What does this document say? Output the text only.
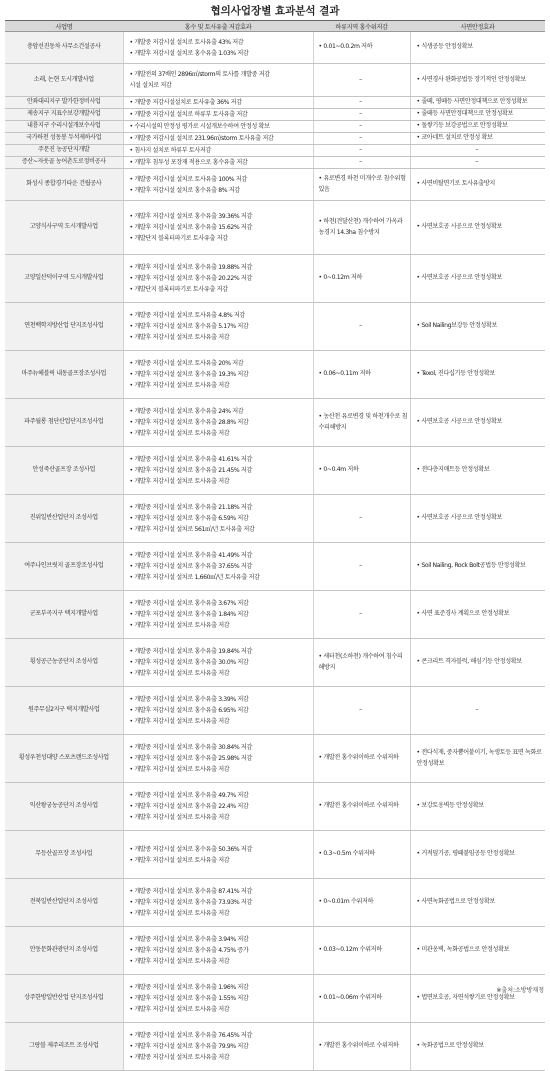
협의사업장별 효과분석 결과
사업명	홍수 및 토사유출 저감효과	하류지역 홍수위저감	사면안정효과
충암선진동차 사무소건설공사	• 개발중 저감시설 설치로 토사유출 43% 저감
• 개발후 저감시설 설치로 홍수유출 1.03% 저감	• 0.01~0.0.2m 저하	• 식생공등 안정성확보
소래, 논현 도시개발사업	• 개발전의 37배인 2896㎥/storm의 토사를 개발중 저감
시설 설치로 저감	–	• 사면경사 완화공법등 장기적인 안정성확보
안좌대리지구 발가한정비사업	• 개발중 저감시설설치로 토사유출 36% 저감	–	• 줄떼, 평떼등 사면안정대책으로 안정성확보
제송지구 지표수보강개발사업	• 개발중 저감시설 설치로 하류부 토사유출 저감	–	• 줄떼등 사면안정대책으로 안정성확보
내룡지구 수리시설개보수사업	• 수리시설의 안정성 평가로 시설개보수하여 안정성 확보	–	• 돌쌓기등 보강공법으로 안정성확보
국가하천 성동봉 두석제하사업	• 개발중 저감시설 설치로 231.96㎥/storm 토사유출 저감	–	• 코아네트 설치로 안정성 확보
주문진 농공단지개발	• 침사지 설치로 하류부 토사저감	–	–
증산~자웃골 농어촌도로정비공사	• 개발후 침투성 포장재 적용으로 홍수유출 저감	–	–
화성시 종합경기타운 건립공사	• 개발중 저감시설 설치로 토사유출 100% 저감
• 개발후 저감시설 설치로 홍수유출 8% 저감	• 유로변경 하천 미개수로 침수위험 있음	• 사면비탈면기로 토사유출방지
고양식사구역 도시개발사업	• 개발후 저감시설 설치로 홍수유출 39.36% 저감
• 개발후 저감시설 설치로 홍수유출 15.62% 저감
• 개발단지 블록터파기로 토사유출 저감	• 하천(견달산천) 개수하여 가옥과 농경지 14.3ha 침수방지	• 사면보호공 시공으로 안정성확보
고양일산덕이구역 도시개발사업	• 개발후 저감시설 설치로 홍수유출 19.88% 저감
• 개발후 저감시설 설치로 홍수유출 20.22% 저감
• 개발단지 블록터파기로 토사유출 저감	• 0~0.12m 저하	• 사면보호공 시공으로 안정성확보
연천백학지방산업 단지조성사업	• 개발중 저감시설 설치로 토사유출 4.8% 저감
• 개발후 저감시설 설치로 홍수유출 5.17% 저감
• 개발후 저감시설 설치로 토사유출 저감	–	• Soil Nailing보강등 안정성확보
마주뉴헤블릭 내동골프장조성사업	• 개발중 저감시설 설치로 토사유출 20% 저감
• 개발후 저감시설 설치로 홍수유출 19.3% 저감
• 개발후 저감시설 설치로 토사유출 저감	• 0.06~0.11m 저하	• Texol, 진다십기등 안정성확보
파주월롱 첨단산업단지조성사업	• 개발중 저감시설 설치로 홍수유출 24% 저감
• 개발후 저감시설 설치로 홍수유출 28.8% 저감
• 개발후 저감시설 설치로 토사유출 저감	• 농산천 유로변경 및 하천개수로 침수피해방지	• 사면보호공 시공으로 안정성확보
안성죽산골프장 조성사업	• 개발중 저감시설 설치로 홍수유출 41.61% 저감
• 개발후 저감시설 설치로 홍수유출 21.45% 저감
• 개발후 저감시설 설치로 토사유출 저감	• 0~0.4m 저하	• 전다층지매트등 안정성확보
진위일반산업단지 조성사업	• 개발중 저감시설 설치로 홍수유출 21.18% 저감
• 개발후 저감시설 설치로 홍수유출 6.59% 저감
• 개발후 저감시설 설치로 561㎥/년 토사유출 저감	–	• 사면보호공 시공으로 안정성확보
여주나인브릿지 골프장조성사업	• 개발중 저감시설 설치로 홍수유출 41.49% 저감
• 개발후 저감시설 설치로 홍수유출 37.65% 저감
• 개발후 저감시설 설치로 1,660㎥/년 토사유출 저감	–	• Soil Nailing, Rock Bolt공법등 안정성확보
군포부곡지구 택지개발사업	• 개발중 저감시설 설치로 홍수유출 3.67% 저감
• 개발후 저감시설 설치로 홍수유출 1.84% 저감
• 개발후 저감시설 설치로 토사유출 저감	–	• 사면 표준경사 계획으로 안정성확보
횡성공근농공단지 조성사업	• 개발중 저감시설 설치로 홍수유출 19.84% 저감
• 개발후 저감시설 설치로 홍수유출 30.0% 저감
• 개발후 저감시설 설치로 토사유출 저감	• 새터천(소하천) 개수하여 침수피해방지	• 콘크리트 격자블럭, 해심기등 안정성확보
원주무실2지구 택지개발사업	• 개발중 저감시설 설치로 홍수유출 3.39% 저감
• 개발후 저감시설 설치로 홍수유출 6.95% 저감
• 개발후 저감시설 설치로 토사유출 저감	–	–
횡성우천성대양 스포츠랜드조성사업	• 개발중 저감시설 설치로 홍수유출 30.84% 저감
• 개발후 저감시설 설치로 홍수유출 25.98% 저감
• 개발후 저감시설 설치로 토사유출 저감	• 개발전 홍수위이하로 수위저하	• 전다식재, 중자뿜어붙이기, 녹생토등 표면 녹화로 안정성확보
익산왕궁농공단지 조성사업	• 개발중 저감시설 설치로 홍수유출 49.7% 저감
• 개발후 저감시설 설치로 홍수유출 22.4% 저감
• 개발후 저감시설 설치로 토사유출 저감	• 개발전 홍수위이하로 수위저하	• 보강토옹벽등 안정성확보
무등산골프장 조성사업	• 개발중 저감시설 설치로 홍수유출 50.36% 저감
• 개발후 저감시설 설치로 토사유출 저감	• 0.3~0.5m 수위저하	• 거적덮기공, 평떼붙임공등 안정성확보
전북일반산업단지 조성사업	• 개발중 저감시설 설치로 홍수유출 87.41% 저감
• 개발후 저감시설 설치로 홍수유출 73.93% 저감
• 개발후 저감시설 설치로 토사유출 저감	• 0~0.01m 수위저하	• 사면녹화공법으로 안정성확보
안동문화관광단지 조성사업	• 개발중 저감시설 설치로 홍수유출 3.94% 저감
• 개발후 저감시설 설치로 홍수유출 4.75% 증가
• 개발후 저감시설 설치로 토사유출 저감	• 0.03~0.12m 수위저하	• 미관옹벽, 녹화공법으로 안정성확보
상주한방일반산업 단지조성사업	• 개발중 저감시설 설치로 홍수유출 1.96% 저감
• 개발후 저감시설 설치로 홍수유출 1.55% 저감
• 개발후 저감시설 설치로 토사유출 저감	• 0.01~0.06m 수위저하	• 법면보호공, 자연석쌓기로 안정성확보
그랑블 제주리조트 조성사업	• 개발중 저감시설 설치로 홍수유출 76.45% 저감
• 개발후 저감시설 설치로 홍수유출 79.9% 저감
• 개발중 저감시설 설치로 토사유출 저감	• 개발전 홍수위이하로 수위저하	• 녹화공법으로 안정성확보
※출처:소방방재청
